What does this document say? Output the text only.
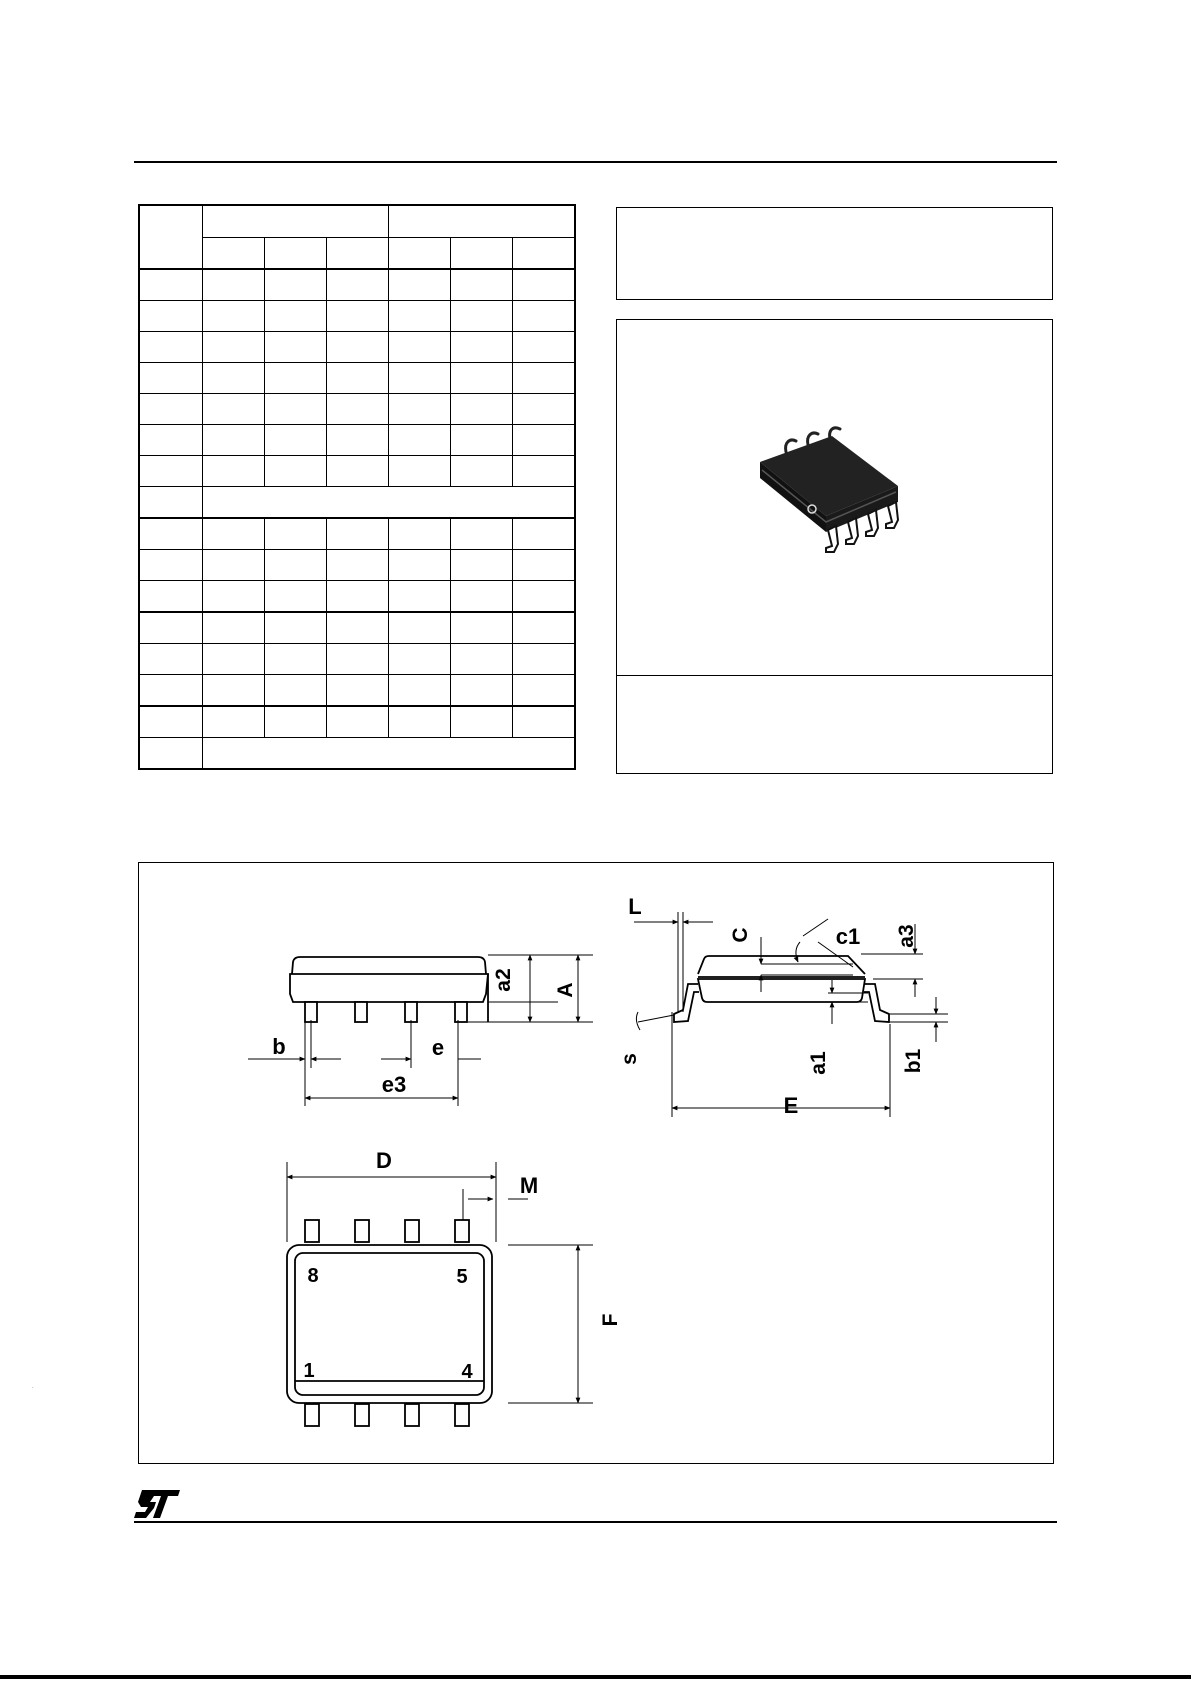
a2 A
b	e
e3
L
C	c1 a3
s	a1	b1
E
D
M
F
8	5
1	4
ST
